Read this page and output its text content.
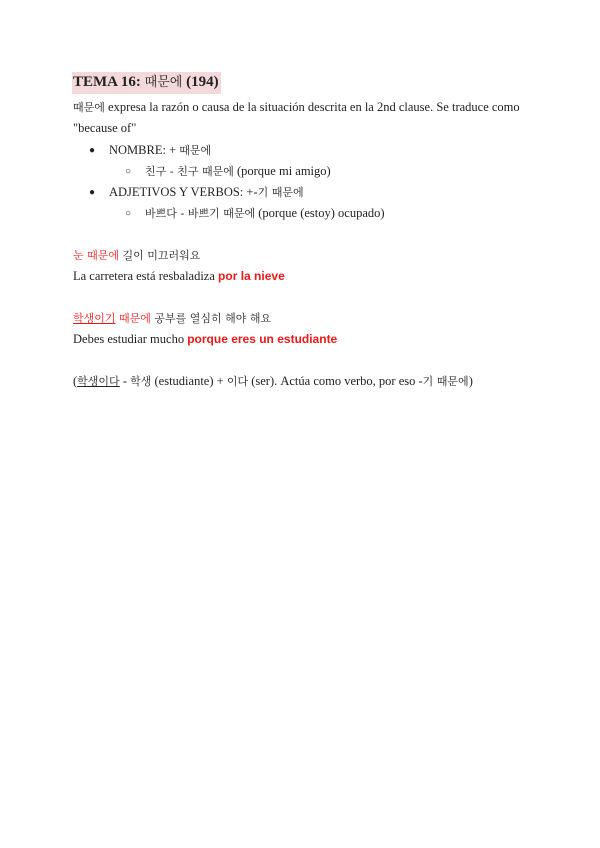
TEMA 16: 때문에 (194)
때문에 expresa la razón o causa de la situación descrita en la 2nd clause. Se traduce como "because of"
● NOMBRE: + 때문에
○ 친구 - 친구 때문에 (porque mi amigo)
● ADJETIVOS Y VERBOS: +-기 때문에
○ 바쁘다 - 바쁘기 때문에 (porque (estoy) ocupado)
눈 때문에 길이 미끄러워요
La carretera está resbaladiza por la nieve
학생이기 때문에 공부를 열심히 해야 해요
Debes estudiar mucho porque eres un estudiante
(학생이다 - 학생 (estudiante) + 이다 (ser). Actúa como verbo, por eso -기 때문에)
